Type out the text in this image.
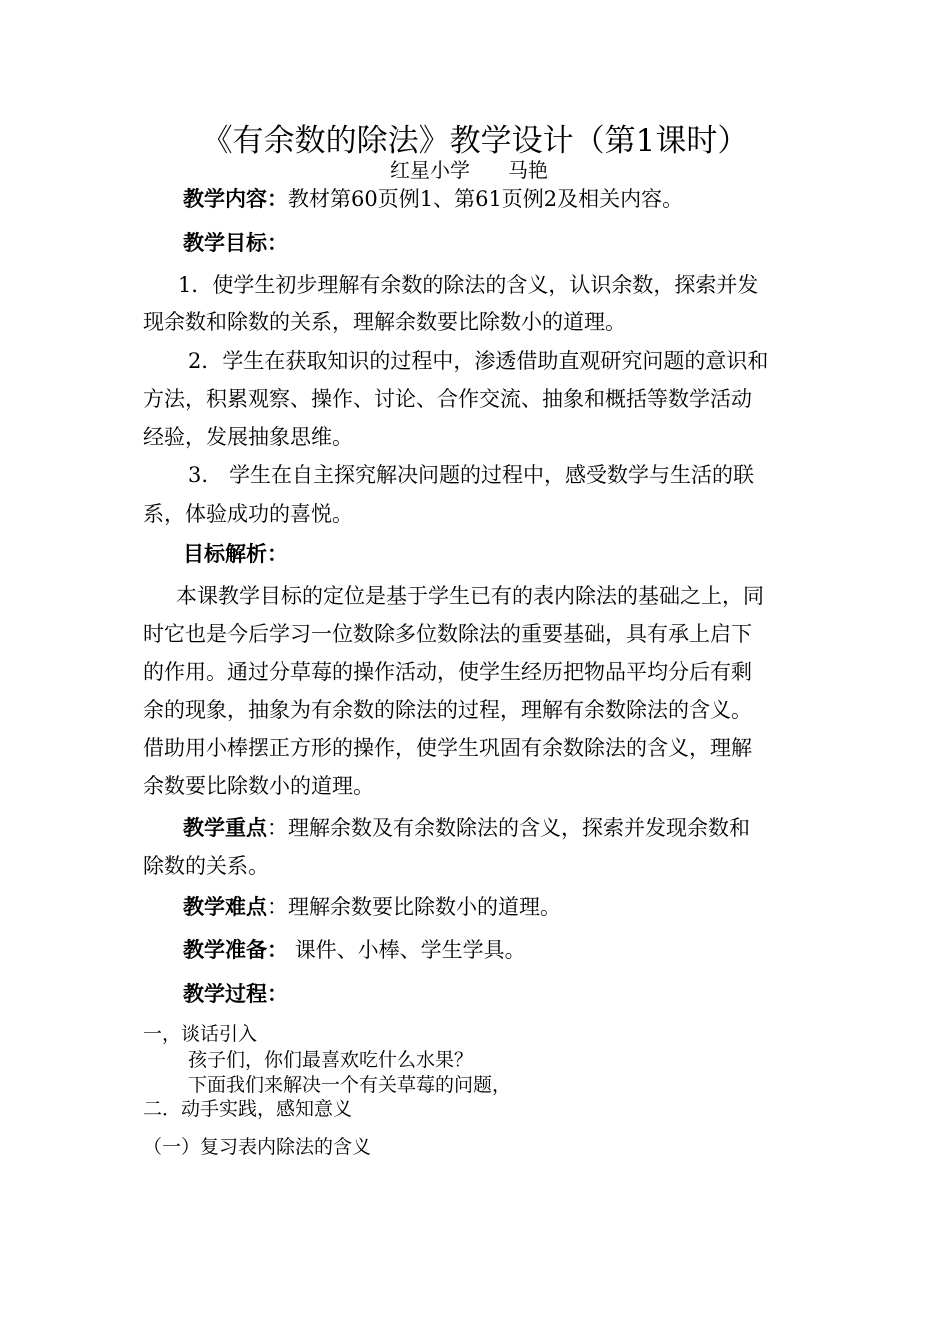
《有余数的除法》教学设计（第1课时）
红星小学 马艳
教学内容：教材第60页例1、第61页例2及相关内容。
教学目标：
1．使学生初步理解有余数的除法的含义，认识余数，探索并发
现余数和除数的关系，理解余数要比除数小的道理。
2．学生在获取知识的过程中，渗透借助直观研究问题的意识和
方法，积累观察、操作、讨论、合作交流、抽象和概括等数学活动
经验，发展抽象思维。
3.　学生在自主探究解决问题的过程中，感受数学与生活的联
系，体验成功的喜悦。
目标解析：
本课教学目标的定位是基于学生已有的表内除法的基础之上，同
时它也是今后学习一位数除多位数除法的重要基础，具有承上启下
的作用。通过分草莓的操作活动，使学生经历把物品平均分后有剩
余的现象，抽象为有余数的除法的过程，理解有余数除法的含义。
借助用小棒摆正方形的操作，使学生巩固有余数除法的含义，理解
余数要比除数小的道理。
教学重点：理解余数及有余数除法的含义，探索并发现余数和
除数的关系。
教学难点：理解余数要比除数小的道理。
教学准备： 课件、小棒、学生学具。
教学过程：
一，谈话引入
孩子们，你们最喜欢吃什么水果？
下面我们来解决一个有关草莓的问题，
二．动手实践，感知意义
（一）复习表内除法的含义
